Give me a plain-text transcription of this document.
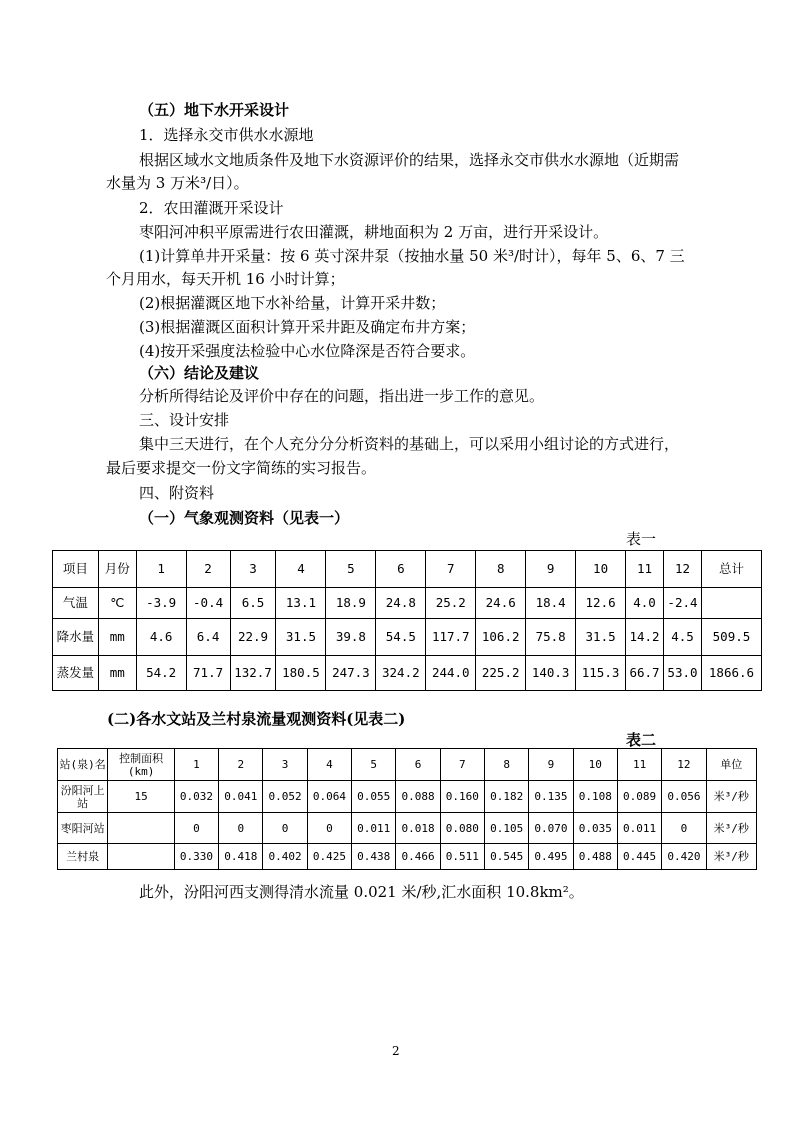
（五）地下水开采设计
1．选择永交市供水水源地
根据区域水文地质条件及地下水资源评价的结果，选择永交市供水水源地（近期需
水量为 3 万米³/日）。
2．农田灌溉开采设计
枣阳河冲积平原需进行农田灌溉，耕地面积为 2 万亩，进行开采设计。
(1)计算单井开采量：按 6 英寸深井泵（按抽水量 50 米³/时计），每年 5、6、7 三
个月用水，每天开机 16 小时计算；
(2)根据灌溉区地下水补给量，计算开采井数；
(3)根据灌溉区面积计算开采井距及确定布井方案；
(4)按开采强度法检验中心水位降深是否符合要求。
（六）结论及建议
分析所得结论及评价中存在的问题，指出进一步工作的意见。
三、设计安排
集中三天进行，在个人充分分分析资料的基础上，可以采用小组讨论的方式进行，
最后要求提交一份文字简练的实习报告。
四、附资料
（一）气象观测资料（见表一）
表一
项目	月份	1	2	3	4	5	6	7	8	9	10	11	12	总计
气温	℃	-3.9	-0.4	6.5	13.1	18.9	24.8	25.2	24.6	18.4	12.6	4.0	-2.4	
降水量	mm	4.6	6.4	22.9	31.5	39.8	54.5	117.7	106.2	75.8	31.5	14.2	4.5	509.5
蒸发量	mm	54.2	71.7	132.7	180.5	247.3	324.2	244.0	225.2	140.3	115.3	66.7	53.0	1866.6
(二)各水文站及兰村泉流量观测资料(见表二)
表二
站(泉)名	控制面积(km)	1	2	3	4	5	6	7	8	9	10	11	12	单位
汾阳河上站	15	0.032	0.041	0.052	0.064	0.055	0.088	0.160	0.182	0.135	0.108	0.089	0.056	米³/秒
枣阳河站		0	0	0	0	0.011	0.018	0.080	0.105	0.070	0.035	0.011	0	米³/秒
兰村泉		0.330	0.418	0.402	0.425	0.438	0.466	0.511	0.545	0.495	0.488	0.445	0.420	米³/秒
此外，汾阳河西支测得清水流量 0.021 米/秒,汇水面积 10.8km²。
2
